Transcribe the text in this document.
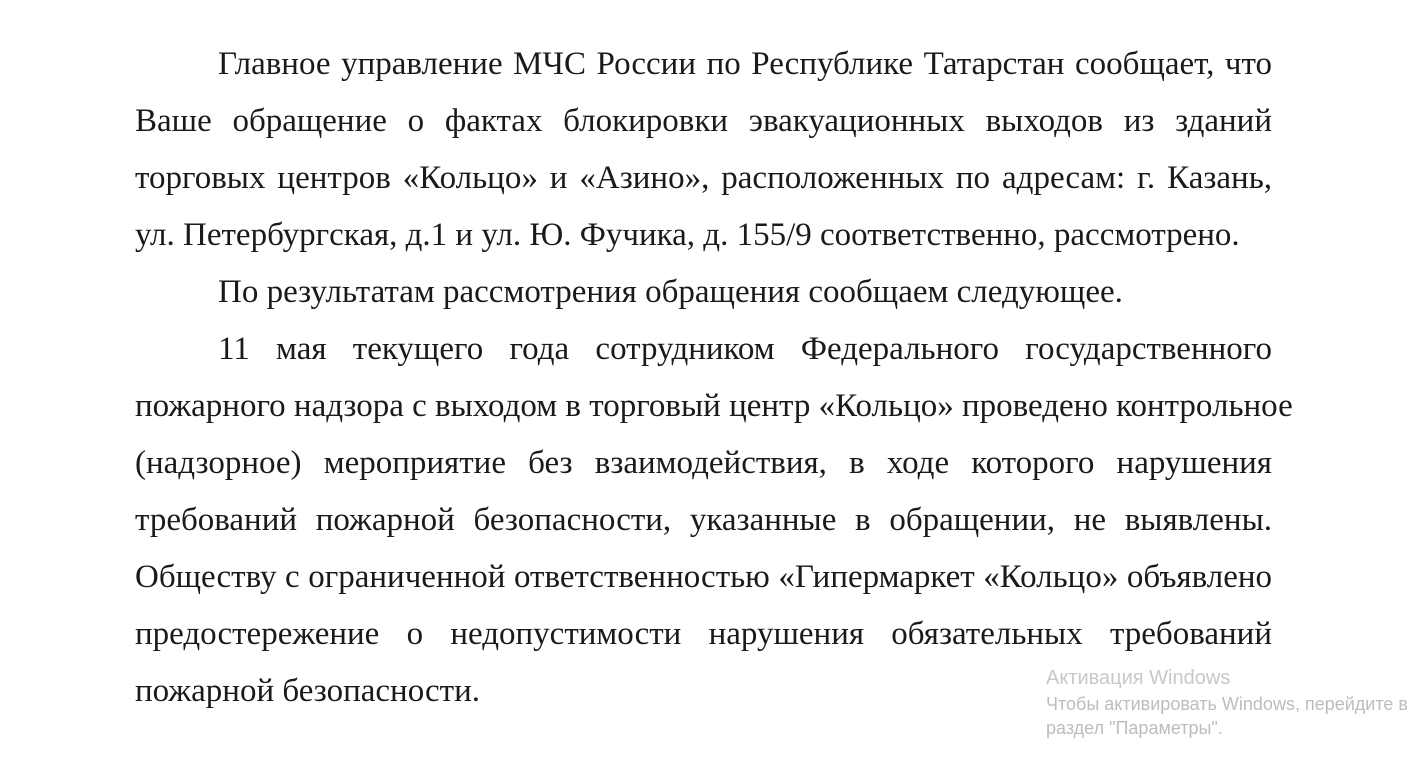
Главное управление МЧС России по Республике Татарстан сообщает, что
Ваше обращение о фактах блокировки эвакуационных выходов из зданий
торговых центров «Кольцо» и «Азино», расположенных по адресам: г. Казань,
ул. Петербургская, д.1 и ул. Ю. Фучика, д. 155/9 соответственно, рассмотрено.
По результатам рассмотрения обращения сообщаем следующее.
11 мая текущего года сотрудником Федерального государственного
пожарного надзора с выходом в торговый центр «Кольцо» проведено контрольное
(надзорное) мероприятие без взаимодействия, в ходе которого нарушения
требований пожарной безопасности, указанные в обращении, не выявлены.
Обществу с ограниченной ответственностью «Гипермаркет «Кольцо» объявлено
предостережение о недопустимости нарушения обязательных требований
пожарной безопасности.	Активация Windows
Чтобы активировать Windows, перейдите в
раздел "Параметры".
